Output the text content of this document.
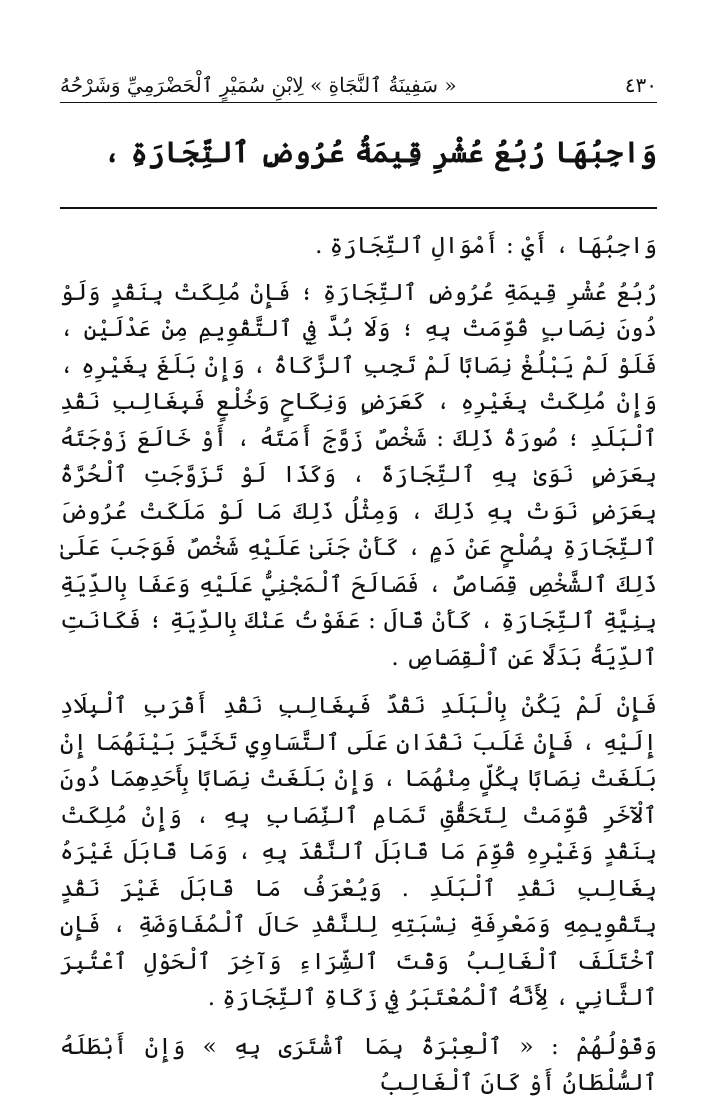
٤٣٠
« سَفِينَةُ ٱلنَّجَاةِ » لِابْنِ سُمَيْرٍ ٱلْحَضْرَمِيِّ وَشَرْحُهُ
وَاجِبُهَا رُبُعُ عُشْرِ قِيمَةُ عُرُوضِ ٱلتِّجَارَةِ ،

وَاجِبُهَا ، أَيْ : أَمْوَالِ ٱلتِّجَارَةِ .

رُبُعُ عُشْرِ قِيمَةِ عُرُوضِ ٱلتِّجَارَةِ ؛ فَإِنْ مُلِكَتْ بِنَقْدٍ وَلَوْ دُونَ نِصَابٍ قُوِّمَتْ بِهِ ؛ وَلَا بُدَّ فِي ٱلتَّقْوِيمِ مِنْ عَدْلَيْنِ ، فَلَوْ لَمْ يَبْلُغْ نِصَابًا لَمْ تَجِبِ ٱلزَّكَاةُ ، وَإِنْ بَلَغَ بِغَيْرِهِ ، وَإِنْ مُلِكَتْ بِغَيْرِهِ ، كَعَرَضٍ وَنِكَاحٍ وَخُلْعٍ فَبِغَالِبِ نَقْدِ ٱلْبَلَدِ ؛ صُورَةُ ذَلِكَ : شَخْصٌ زَوَّجَ أَمَتَهُ ، أَوْ خَالَعَ زَوْجَتَهُ بِعَرَضٍ نَوَىٰ بِهِ ٱلتِّجَارَةَ ، وَكَذَا لَوْ تَزَوَّجَتِ ٱلْحُرَّةُ بِعَرَضٍ نَوَتْ بِهِ ذَلِكَ ، وَمِثْلُ ذَلِكَ مَا لَوْ مَلَكَتْ عُرُوضَ ٱلتِّجَارَةِ بِصُلْحٍ عَنْ دَمٍ ، كَأَنْ جَنَىٰ عَلَيْهِ شَخْصٌ فَوَجَبَ عَلَىٰ ذَلِكَ ٱلشَّخْصِ قِصَاصٌ ، فَصَالَحَ ٱلْمَجْنِيُّ عَلَيْهِ وَعَفَا بِالدِّيَةِ بِنِيَّةِ ٱلتِّجَارَةِ ، كَأَنْ قَالَ : عَفَوْتُ عَنْكَ بِالدِّيَةِ ؛ فَكَانَتِ ٱلدِّيَةُ بَدَلًا عَنِ ٱلْقِصَاصِ .

فَإِنْ لَمْ يَكُنْ بِالْبَلَدِ نَقْدٌ فَبِغَالِبِ نَقْدِ أَقْرَبِ ٱلْبِلَادِ إِلَيْهِ ، فَإِنْ غَلَبَ نَقْدَانِ عَلَى ٱلتَّسَاوِي تَخَيَّرَ بَيْنَهُمَا إِنْ بَلَغَتْ نِصَابًا بِكُلٍّ مِنْهُمَا ، وَإِنْ بَلَغَتْ نِصَابًا بِأَحَدِهِمَا دُونَ ٱلْآخَرِ قُوِّمَتْ لِتَحَقُّقِ تَمَامِ ٱلنِّصَابِ بِهِ ، وَإِنْ مُلِكَتْ بِنَقْدٍ وَغَيْرِهِ قُوِّمَ مَا قَابَلَ ٱلنَّقْدَ بِهِ ، وَمَا قَابَلَ غَيْرَهُ بِغَالِبِ نَقْدِ ٱلْبَلَدِ . وَيُعْرَفُ مَا قَابَلَ غَيْرَ نَقْدٍ بِتَقْوِيمِهِ وَمَعْرِفَةِ نِسْبَتِهِ لِلنَّقْدِ حَالَ ٱلْمُفَاوَضَةِ ، فَإِنِ ٱخْتَلَفَ ٱلْغَالِبُ وَقْتَ ٱلشِّرَاءِ وَآخِرَ ٱلْحَوْلِ ٱعْتُبِرَ ٱلثَّانِي ، لِأَنَّهُ ٱلْمُعْتَبَرُ فِي زَكَاةِ ٱلتِّجَارَةِ .

وَقَوْلُهُمْ : « ٱلْعِبْرَةُ بِمَا ٱشْتَرَى بِهِ » وَإِنْ أَبْطَلَهُ ٱلسُّلْطَانُ أَوْ كَانَ ٱلْغَالِبُ
